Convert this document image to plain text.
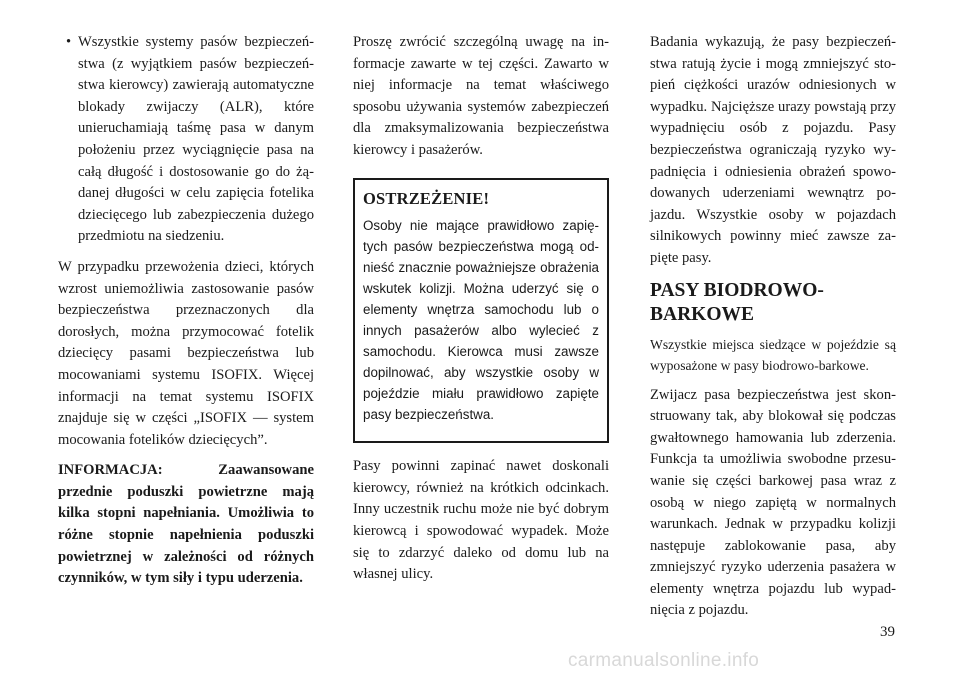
• Wszystkie systemy pasów bezpieczeństwa (z wyjątkiem pasów bezpieczeństwa kierowcy) zawierają automatyczne blokady zwijaczy (ALR), które unieruchamiają taśmę pasa w danym położeniu przez wyciągnięcie pasa na całą długość i dostosowanie go do żądanej długości w celu zapięcia fotelika dziecięcego lub zabezpieczenia dużego przedmiotu na siedzeniu.

W przypadku przewożenia dzieci, których wzrost uniemożliwia zastosowanie pasów bezpieczeństwa przeznaczonych dla dorosłych, można przymocować fotelik dziecięcy pasami bezpieczeństwa lub mocowaniami systemu ISOFIX. Więcej informacji na temat systemu ISOFIX znajduje się w części „ISOFIX — system mocowania fotelików dziecięcych”.

INFORMACJA: Zaawansowane przednie poduszki powietrzne mają kilka stopni napełniania. Umożliwia to różne stopnie napełnienia poduszki powietrznej w zależności od różnych czynników, w tym siły i typu uderzenia.

Proszę zwrócić szczególną uwagę na informacje zawarte w tej części. Zawarto w niej informacje na temat właściwego sposobu używania systemów zabezpieczeń dla zmaksymalizowania bezpieczeństwa kierowcy i pasażerów.

OSTRZEŻENIE!

Osoby nie mające prawidłowo zapiętych pasów bezpieczeństwa mogą odnieść znacznie poważniejsze obrażenia wskutek kolizji. Można uderzyć się o elementy wnętrza samochodu lub o innych pasażerów albo wylecieć z samochodu. Kierowca musi zawsze dopilnować, aby wszystkie osoby w pojeździe miału prawidłowo zapięte pasy bezpieczeństwa.

Pasy powinni zapinać nawet doskonali kierowcy, również na krótkich odcinkach. Inny uczestnik ruchu może nie być dobrym kierowcą i spowodować wypadek. Może się to zdarzyć daleko od domu lub na własnej ulicy.

Badania wykazują, że pasy bezpieczeństwa ratują życie i mogą zmniejszyć stopień ciężkości urazów odniesionych w wypadku. Najcięższe urazy powstają przy wypadnięciu osób z pojazdu. Pasy bezpieczeństwa ograniczają ryzyko wypadnięcia i odniesienia obrażeń spowodowanych uderzeniami wewnątrz pojazdu. Wszystkie osoby w pojazdach silnikowych powinny mieć zawsze zapięte pasy.

PASY BIODROWO-
BARKOWE

Wszystkie miejsca siedzące w pojeździe są wyposażone w pasy biodrowo-barkowe.

Zwijacz pasa bezpieczeństwa jest skonstruowany tak, aby blokował się podczas gwałtownego hamowania lub zderzenia. Funkcja ta umożliwia swobodne przesuwanie się części barkowej pasa wraz z osobą w niego zapiętą w normalnych warunkach. Jednak w przypadku kolizji następuje zablokowanie pasa, aby zmniejszyć ryzyko uderzenia pasażera w elementy wnętrza pojazdu lub wypadnięcia z pojazdu.

39
carmanualsonline.info
